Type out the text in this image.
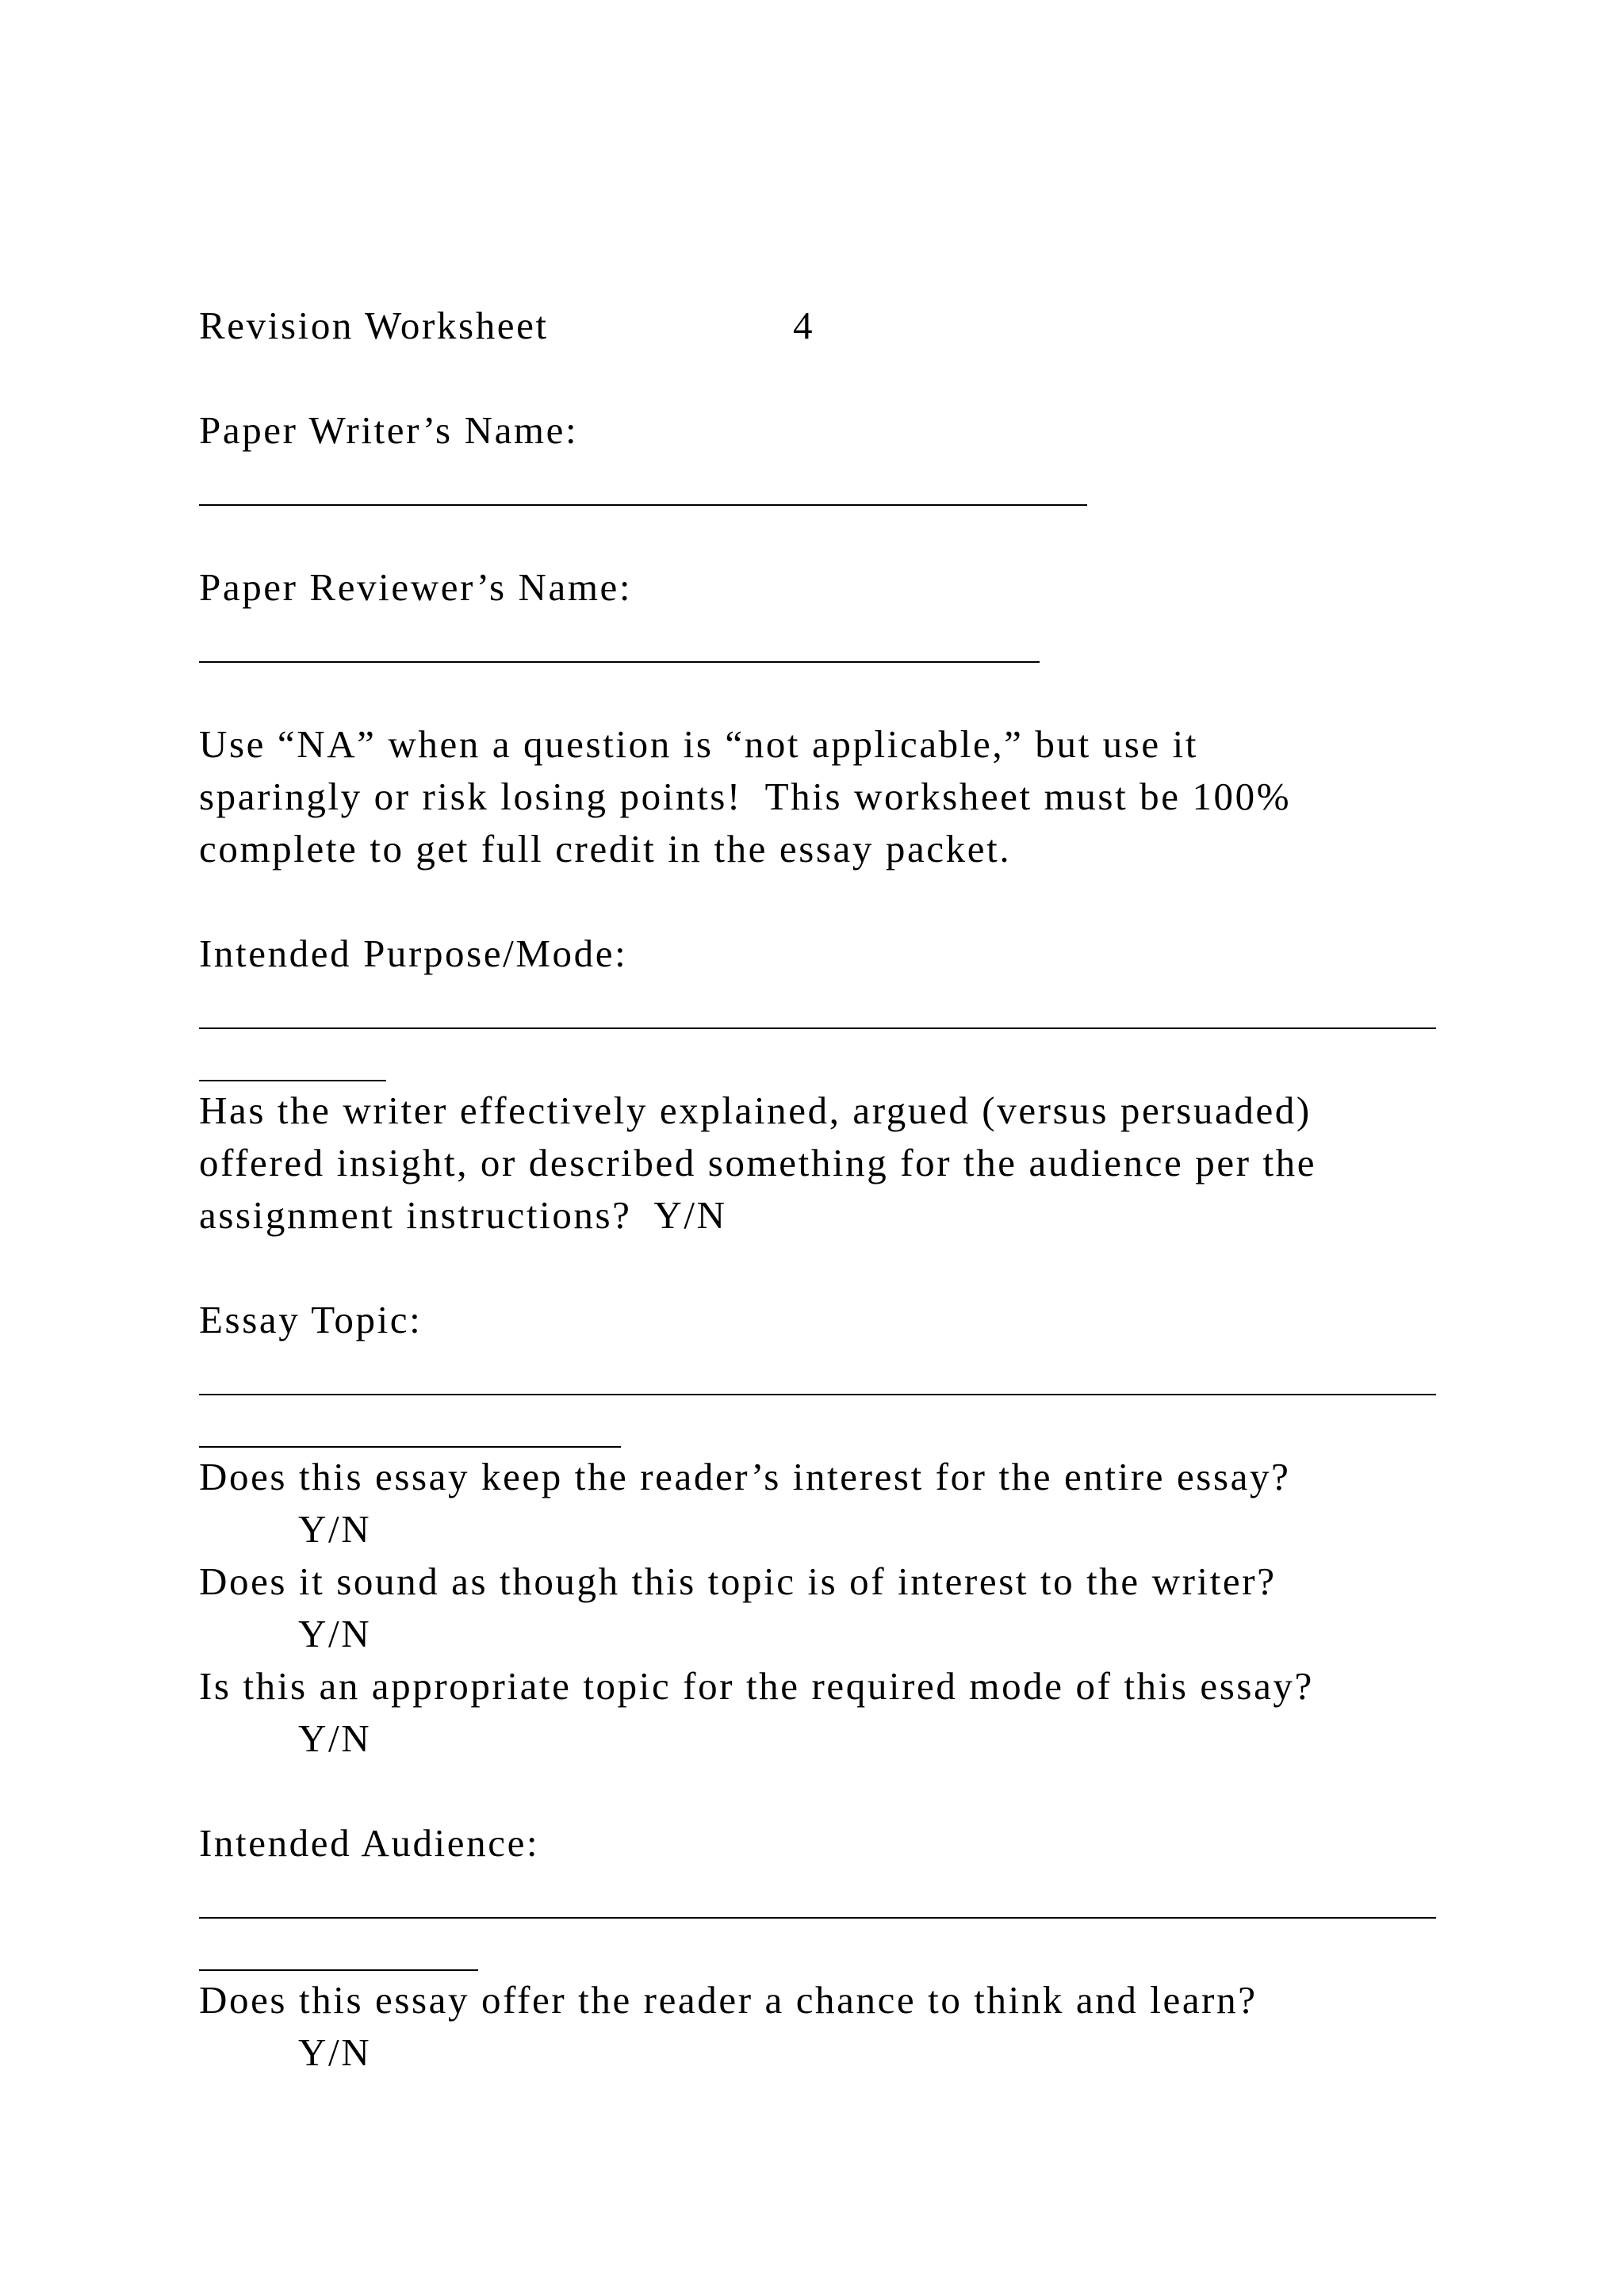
Revision Worksheet	4
Paper Writer’s Name:
Paper Reviewer’s Name:
Use “NA” when a question is “not applicable,” but use it
sparingly or risk losing points!  This worksheet must be 100%
complete to get full credit in the essay packet.
Intended Purpose/Mode:
Has the writer effectively explained, argued (versus persuaded)
offered insight, or described something for the audience per the
assignment instructions?  Y/N
Essay Topic:
Does this essay keep the reader’s interest for the entire essay?
Y/N
Does it sound as though this topic is of interest to the writer?
Y/N
Is this an appropriate topic for the required mode of this essay?
Y/N
Intended Audience:
Does this essay offer the reader a chance to think and learn?
Y/N
